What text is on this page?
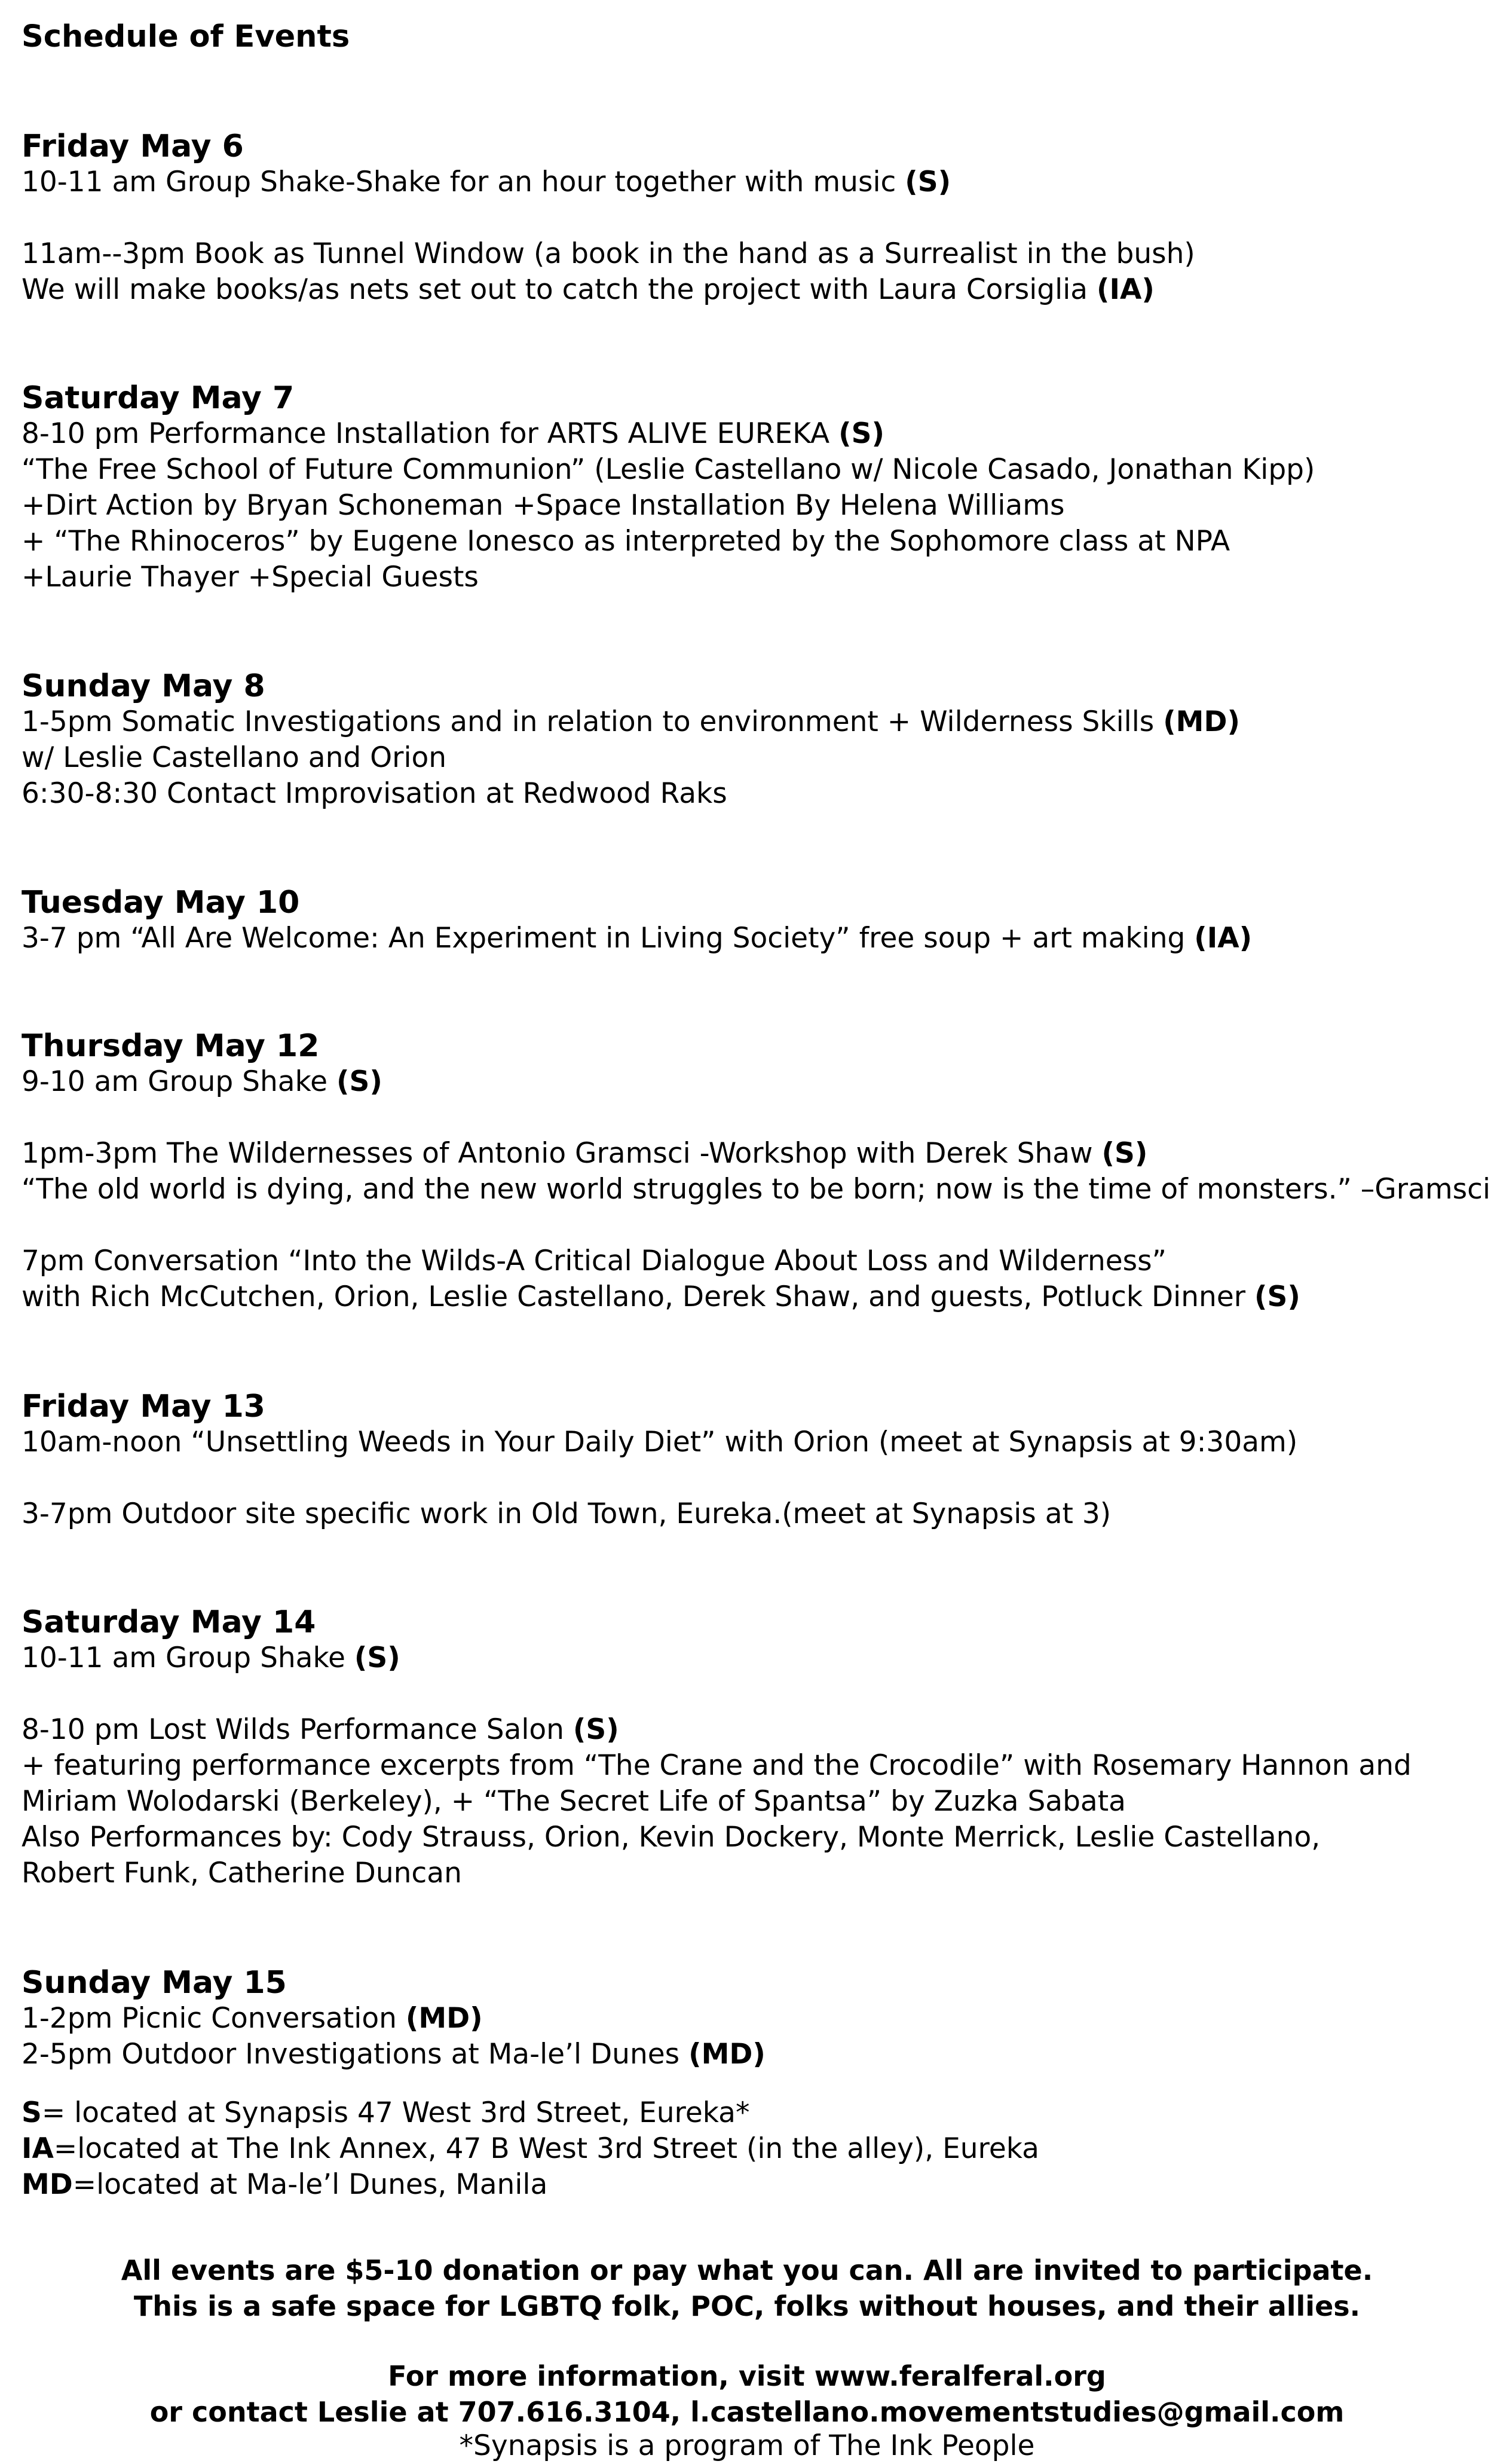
Schedule of Events
Friday May 6
10-11 am Group Shake-Shake for an hour together with music (S)
11am--3pm Book as Tunnel Window (a book in the hand as a Surrealist in the bush)
We will make books/as nets set out to catch the project with Laura Corsiglia (IA)
Saturday May 7
8-10 pm Performance Installation for ARTS ALIVE EUREKA (S)
“The Free School of Future Communion” (Leslie Castellano w/ Nicole Casado, Jonathan Kipp)
+Dirt Action by Bryan Schoneman +Space Installation By Helena Williams
+ “The Rhinoceros” by Eugene Ionesco as interpreted by the Sophomore class at NPA
+Laurie Thayer +Special Guests
Sunday May 8
1-5pm Somatic Investigations and in relation to environment + Wilderness Skills (MD)
w/ Leslie Castellano and Orion
6:30-8:30 Contact Improvisation at Redwood Raks
Tuesday May 10
3-7 pm “All Are Welcome: An Experiment in Living Society” free soup + art making (IA)
Thursday May 12
9-10 am Group Shake (S)
1pm-3pm The Wildernesses of Antonio Gramsci -Workshop with Derek Shaw (S)
“The old world is dying, and the new world struggles to be born; now is the time of monsters.” –Gramsci
7pm Conversation “Into the Wilds-A Critical Dialogue About Loss and Wilderness”
with Rich McCutchen, Orion, Leslie Castellano, Derek Shaw, and guests, Potluck Dinner (S)
Friday May 13
10am-noon “Unsettling Weeds in Your Daily Diet” with Orion (meet at Synapsis at 9:30am)
3-7pm Outdoor site specific work in Old Town, Eureka.(meet at Synapsis at 3)
Saturday May 14
10-11 am Group Shake (S)
8-10 pm Lost Wilds Performance Salon (S)
+ featuring performance excerpts from “The Crane and the Crocodile” with Rosemary Hannon and
Miriam Wolodarski (Berkeley), + “The Secret Life of Spantsa” by Zuzka Sabata
Also Performances by: Cody Strauss, Orion, Kevin Dockery, Monte Merrick, Leslie Castellano,
Robert Funk, Catherine Duncan
Sunday May 15
1-2pm Picnic Conversation (MD)
2-5pm Outdoor Investigations at Ma-le’l Dunes (MD)
S= located at Synapsis 47 West 3rd Street, Eureka*
IA=located at The Ink Annex, 47 B West 3rd Street (in the alley), Eureka
MD=located at Ma-le’l Dunes, Manila
All events are $5-10 donation or pay what you can. All are invited to participate.
This is a safe space for LGBTQ folk, POC, folks without houses, and their allies.
For more information, visit www.feralferal.org
or contact Leslie at 707.616.3104, l.castellano.movementstudies@gmail.com
*Synapsis is a program of The Ink People
